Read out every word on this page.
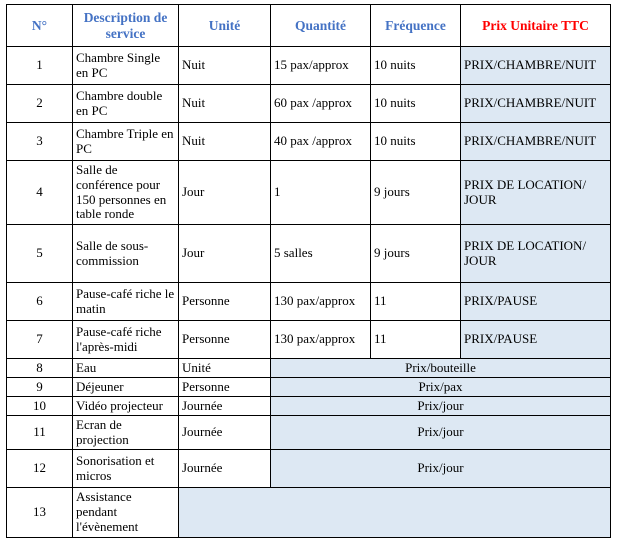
N°	Description de service	Unité	Quantité	Fréquence	Prix Unitaire TTC
1	Chambre Single en PC	Nuit	15 pax/approx	10 nuits	PRIX/CHAMBRE/NUIT
2	Chambre double en PC	Nuit	60 pax /approx	10 nuits	PRIX/CHAMBRE/NUIT
3	Chambre Triple en PC	Nuit	40 pax /approx	10 nuits	PRIX/CHAMBRE/NUIT
4	Salle de conférence pour 150 personnes en table ronde	Jour	1	9 jours	PRIX DE LOCATION/ JOUR
5	Salle de sous-commission	Jour	5 salles	9 jours	PRIX DE LOCATION/ JOUR
6	Pause-café riche le matin	Personne	130 pax/approx	11	PRIX/PAUSE
7	Pause-café riche l'après-midi	Personne	130 pax/approx	11	PRIX/PAUSE
8	Eau	Unité	Prix/bouteille		
9	Déjeuner	Personne	Prix/pax		
10	Vidéo projecteur	Journée	Prix/jour		
11	Ecran de projection	Journée	Prix/jour		
12	Sonorisation et micros	Journée	Prix/jour		
13	Assistance pendant l'évènement				
